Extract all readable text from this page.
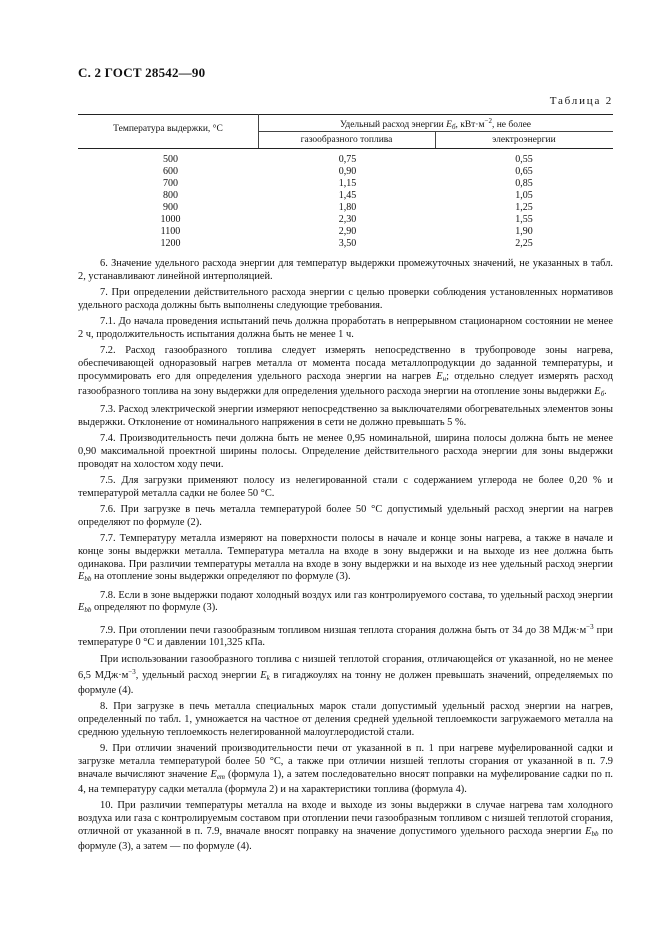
С. 2 ГОСТ 28542—90
Таблица 2
Температура выдержки, °С	Удельный расход энергии $E_б$, $кВт\cdot м^{-2}$, не более
газообразного топлива	электроэнергии
500	0,75	0,55
600	0,90	0,65
700	1,15	0,85
800	1,45	1,05
900	1,80	1,25
1000	2,30	1,55
1100	2,90	1,90
1200	3,50	2,25

6. Значение удельного расхода энергии для температур выдержки промежуточных значений, не указанных в табл. 2, устанавливают линейной интерполяцией.

7. При определении действительного расхода энергии с целью проверки соблюдения установленных нормативов удельного расхода должны быть выполнены следующие требования.

7.1. До начала проведения испытаний печь должна проработать в непрерывном стационарном состоянии не менее 2 ч, продолжительность испытания должна быть не менее 1 ч.

7.2. Расход газообразного топлива следует измерять непосредственно в трубопроводе зоны нагрева, обеспечивающей одноразовый нагрев металла от момента посада металлопродукции до заданной температуры, и просуммировать его для определения удельного расхода энергии на нагрев $E_н$; отдельно следует измерять расход газообразного топлива на зону выдержки для определения удельного расхода энергии на отопление зоны выдержки $E_б$.

7.3. Расход электрической энергии измеряют непосредственно за выключателями обогревательных элементов зоны выдержки. Отклонение от номинального напряжения в сети не должно превышать 5 %.

7.4. Производительность печи должна быть не менее 0,95 номинальной, ширина полосы должна быть не менее 0,90 максимальной проектной ширины полосы. Определение действительного расхода энергии для зоны выдержки проводят на холостом ходу печи.

7.5. Для загрузки применяют полосу из нелегированной стали с содержанием углерода не более 0,20 % и температурой металла садки не более 50 °С.

7.6. При загрузке в печь металла температурой более 50 °С допустимый удельный расход энергии на нагрев определяют по формуле (2).

7.7. Температуру металла измеряют на поверхности полосы в начале и конце зоны нагрева, а также в начале и конце зоны выдержки металла. Температура металла на входе в зону выдержки и на выходе из нее должна быть одинакова. При различии температуры металла на входе в зону выдержки и на выходе из нее удельный расход энергии $E_{bb}$ на отопление зоны выдержки определяют по формуле (3).

7.8. Если в зоне выдержки подают холодный воздух или газ контролируемого состава, то удельный расход энергии $E_{bb}$ определяют по формуле (3).

7.9. При отоплении печи газообразным топливом низшая теплота сгорания должна быть от 34 до 38 $МДж\cdot м^{-3}$ при температуре 0 °С и давлении 101,325 кПа.

При использовании газообразного топлива с низшей теплотой сгорания, отличающейся от указанной, но не менее 6,5 $МДж\cdot м^{-3}$, удельный расход энергии $E_k$ в гигаджоулях на тонну не должен превышать значений, определяемых по формуле (4).

8. При загрузке в печь металла специальных марок стали допустимый удельный расход энергии на нагрев, определенный по табл. 1, умножается на частное от деления средней удельной теплоемкости загружаемого металла на среднюю удельную теплоемкость нелегированной малоуглеродистой стали.

9. При отличии значений производительности печи от указанной в п. 1 при нагреве муфелированной садки и загрузке металла температурой более 50 °С, а также при отличии низшей теплоты сгорания от указанной в п. 7.9 вначале вычисляют значение $E_{ет}$ (формула 1), а затем последовательно вносят поправки на муфелирование садки по п. 4, на температуру садки металла (формула 2) и на характеристики топлива (формула 4).

10. При различии температуры металла на входе и выходе из зоны выдержки в случае нагрева там холодного воздуха или газа с контролируемым составом при отоплении печи газообразным топливом с низшей теплотой сгорания, отличной от указанной в п. 7.9, вначале вносят поправку на значение допустимого удельного расхода энергии $E_{bb}$ по формуле (3), а затем — по формуле (4).
